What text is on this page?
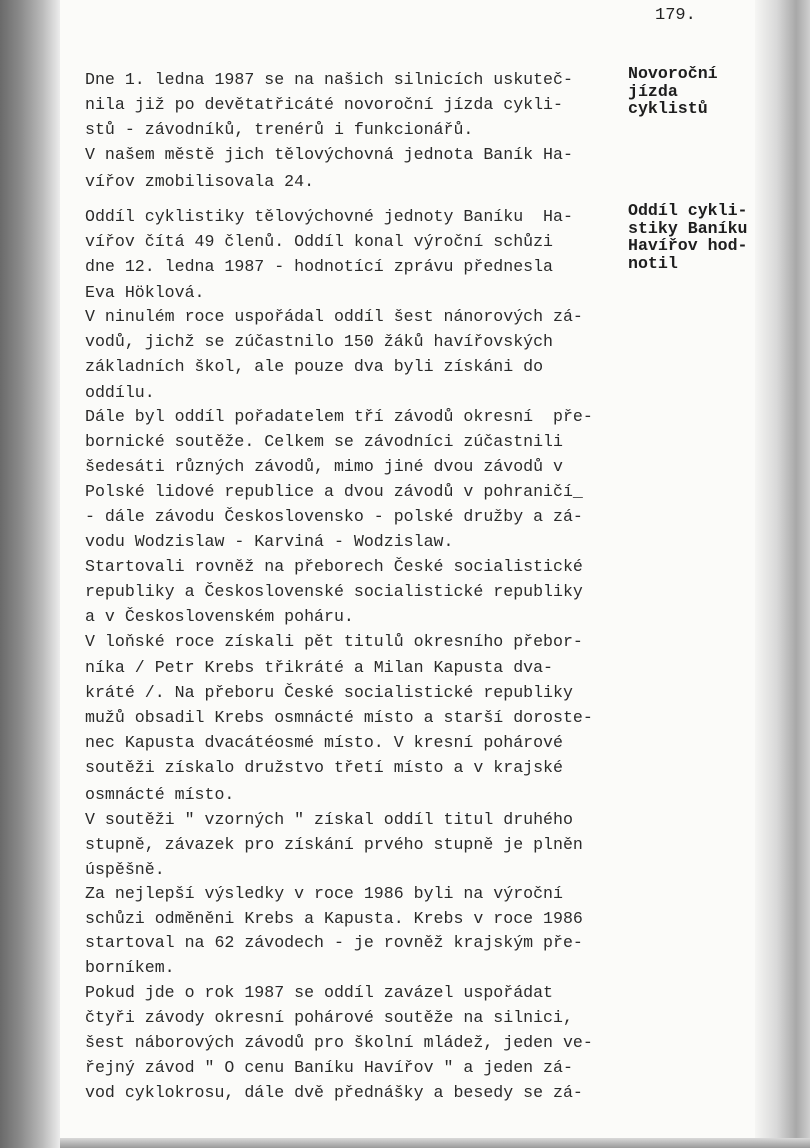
179.
Novoroční
jízda
cyklistů
Oddíl cykli-
stiky Baníku
Havířov hod-
notil
Dne 1. ledna 1987 se na našich silnicích uskuteč-
nila již po devětatřicáté novoroční jízda cykli-
stů - závodníků, trenérů i funkcionářů.
V našem městě jich tělovýchovná jednota Baník Ha-
vířov zmobilisovala 24.
Oddíl cyklistiky tělovýchovné jednoty Baníku  Ha-
vířov čítá 49 členů. Oddíl konal výroční schůzi
dne 12. ledna 1987 - hodnotící zprávu přednesla
Eva Höklová.
V ninulém roce uspořádal oddíl šest nánorových zá-
vodů, jichž se zúčastnilo 150 žáků havířovských
základních škol, ale pouze dva byli získáni do
oddílu.
Dále byl oddíl pořadatelem tří závodů okresní  pře-
bornické soutěže. Celkem se závodníci zúčastnili
šedesáti různých závodů, mimo jiné dvou závodů v
Polské lidové republice a dvou závodů v pohraničí_
- dále závodu Československo - polské družby a zá-
vodu Wodzislaw - Karviná - Wodzislaw.
Startovali rovněž na přeborech České socialistické
republiky a Československé socialistické republiky
a v Československém poháru.
V loňské roce získali pět titulů okresního přebor-
níka / Petr Krebs třikráté a Milan Kapusta dva-
kráté /. Na přeboru České socialistické republiky
mužů obsadil Krebs osmnácté místo a starší doroste-
nec Kapusta dvacátéosmé místo. V kresní pohárové
soutěži získalo družstvo třetí místo a v krajské
osmnácté místo.
V soutěži " vzorných " získal oddíl titul druhého
stupně, závazek pro získání prvého stupně je plněn
úspěšně.
Za nejlepší výsledky v roce 1986 byli na výroční
schůzi odměněni Krebs a Kapusta. Krebs v roce 1986
startoval na 62 závodech - je rovněž krajským pře-
borníkem.
Pokud jde o rok 1987 se oddíl zavázel uspořádat
čtyři závody okresní pohárové soutěže na silnici,
šest náborových závodů pro školní mládež, jeden ve-
řejný závod " O cenu Baníku Havířov " a jeden zá-
vod cyklokrosu, dále dvě přednášky a besedy se zá-
